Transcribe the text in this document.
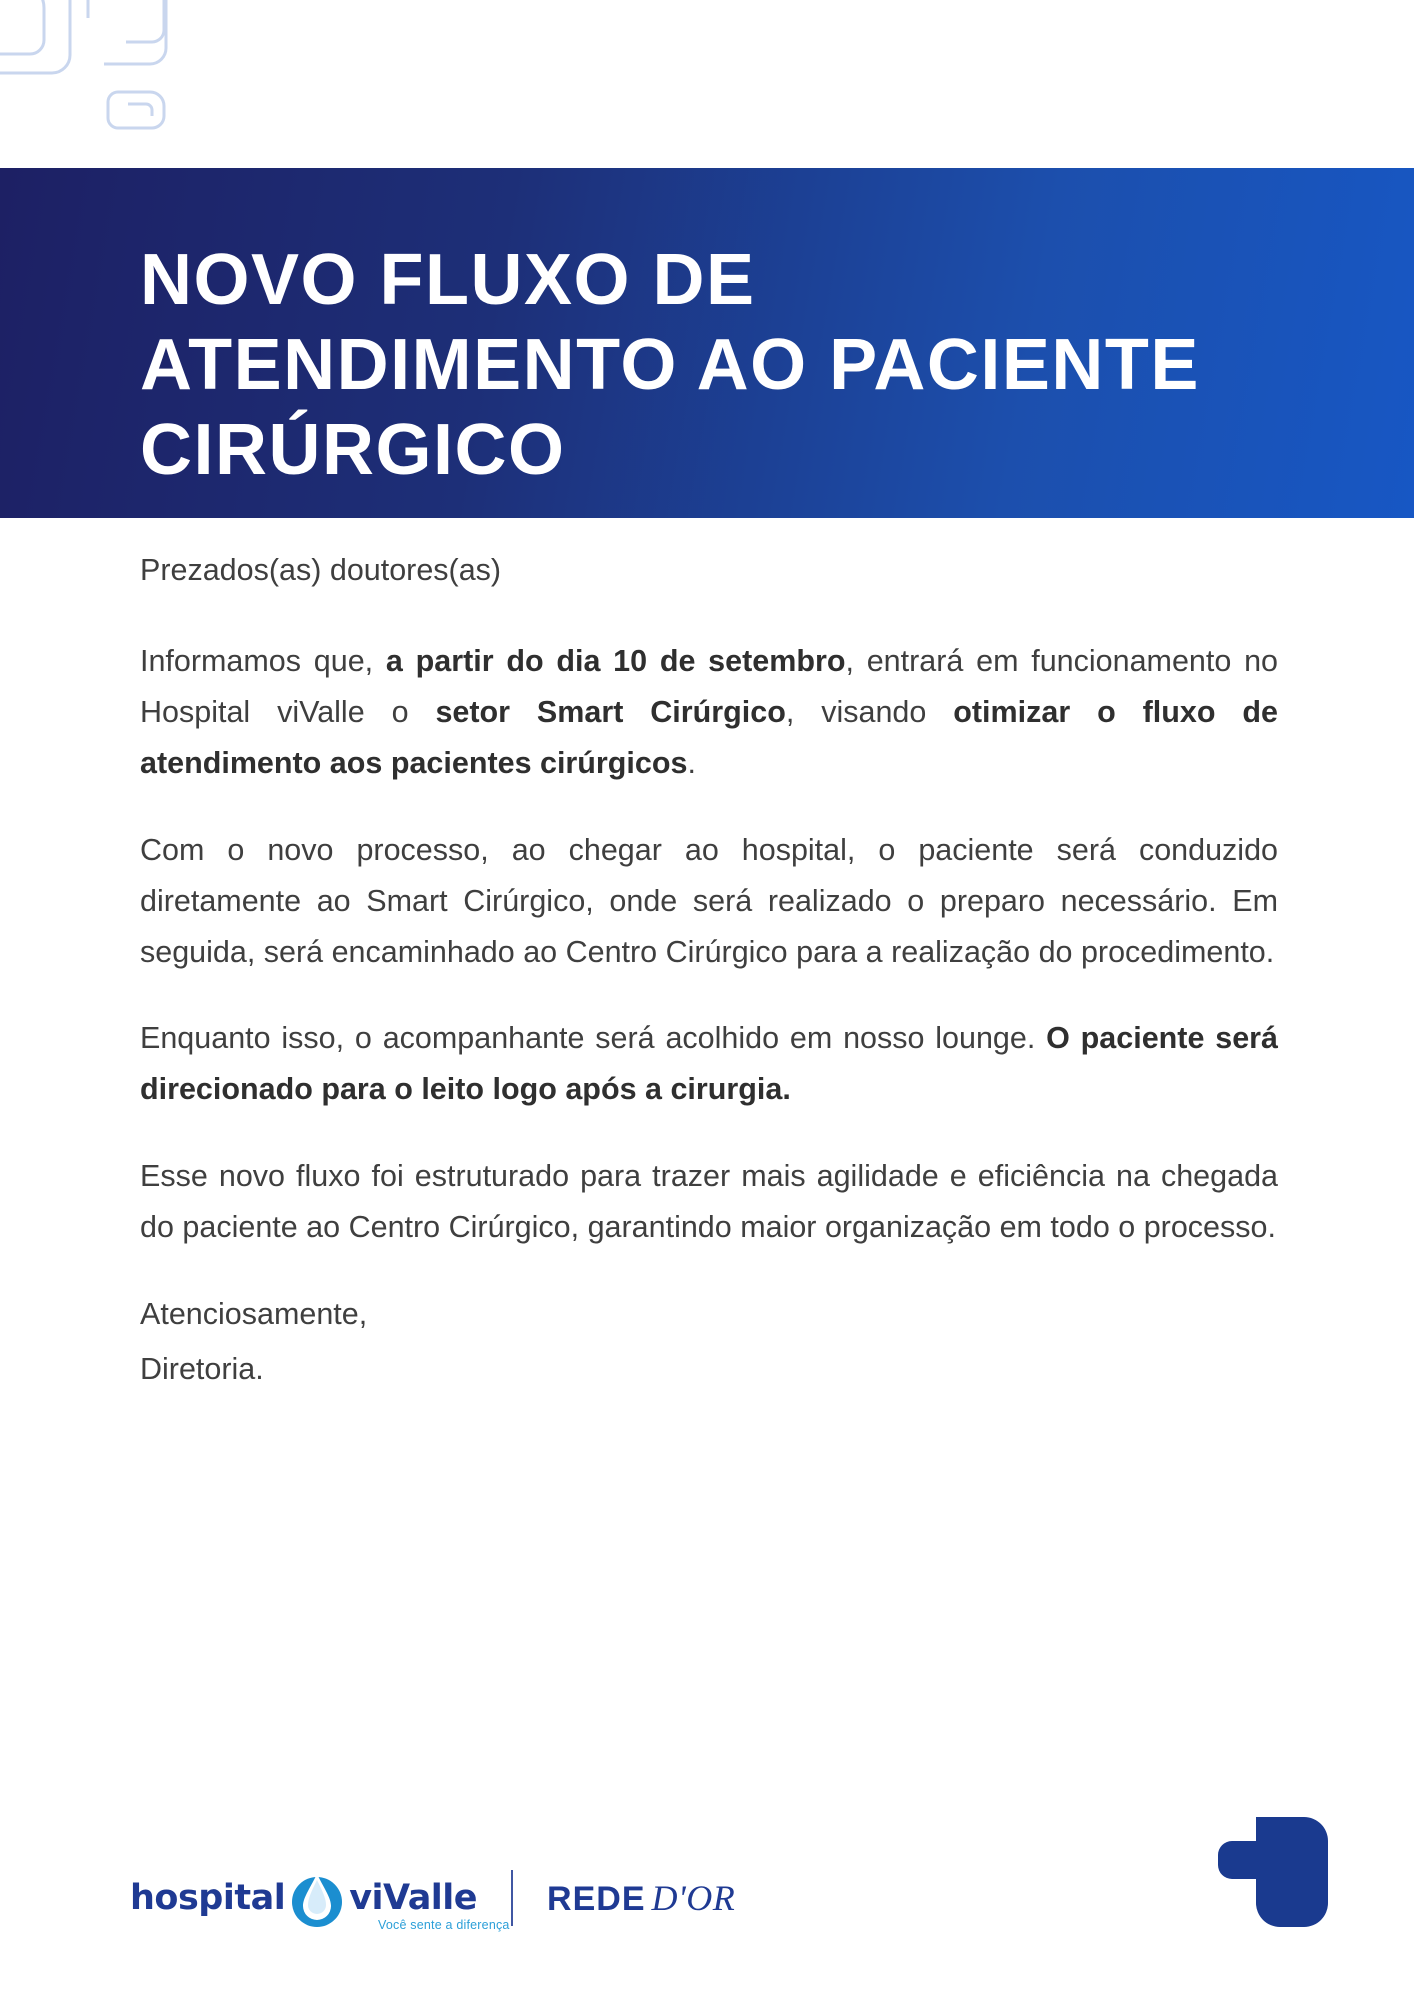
NOVO FLUXO DE ATENDIMENTO AO PACIENTE CIRÚRGICO

Prezados(as) doutores(as)

Informamos que, a partir do dia 10 de setembro, entrará em funcionamento no Hospital viValle o setor Smart Cirúrgico, visando otimizar o fluxo de atendimento aos pacientes cirúrgicos.

Com o novo processo, ao chegar ao hospital, o paciente será conduzido diretamente ao Smart Cirúrgico, onde será realizado o preparo necessário. Em seguida, será encaminhado ao Centro Cirúrgico para a realização do procedimento.

Enquanto isso, o acompanhante será acolhido em nosso lounge. O paciente será direcionado para o leito logo após a cirurgia.

Esse novo fluxo foi estruturado para trazer mais agilidade e eficiência na chegada do paciente ao Centro Cirúrgico, garantindo maior organização em todo o processo.

Atenciosamente,

Diretoria.

hospital viValle
Você sente a diferença
REDE D'OR
